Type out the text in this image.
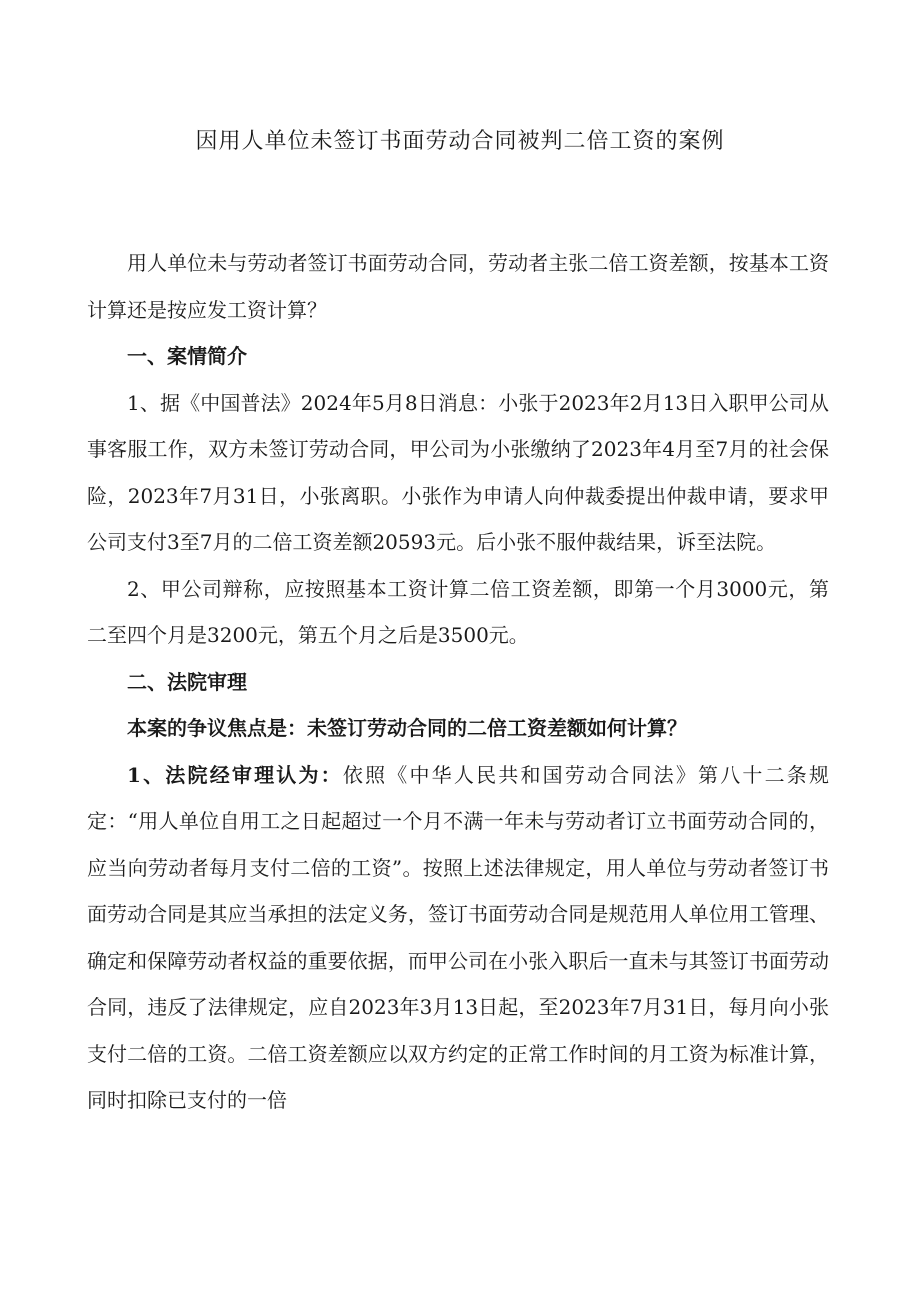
因用人单位未签订书面劳动合同被判二倍工资的案例

用人单位未与劳动者签订书面劳动合同，劳动者主张二倍工资差额，按基本工资计算还是按应发工资计算？

一、案情简介

1、据《中国普法》2024年5月8日消息：小张于2023年2月13日入职甲公司从事客服工作，双方未签订劳动合同，甲公司为小张缴纳了2023年4月至7月的社会保险，2023年7月31日，小张离职。小张作为申请人向仲裁委提出仲裁申请，要求甲公司支付3至7月的二倍工资差额20593元。后小张不服仲裁结果，诉至法院。

2、甲公司辩称，应按照基本工资计算二倍工资差额，即第一个月3000元，第二至四个月是3200元，第五个月之后是3500元。

二、法院审理

本案的争议焦点是：未签订劳动合同的二倍工资差额如何计算？

1、法院经审理认为：依照《中华人民共和国劳动合同法》第八十二条规定：“用人单位自用工之日起超过一个月不满一年未与劳动者订立书面劳动合同的，应当向劳动者每月支付二倍的工资”。按照上述法律规定，用人单位与劳动者签订书面劳动合同是其应当承担的法定义务，签订书面劳动合同是规范用人单位用工管理、确定和保障劳动者权益的重要依据，而甲公司在小张入职后一直未与其签订书面劳动合同，违反了法律规定，应自2023年3月13日起，至2023年7月31日，每月向小张支付二倍的工资。二倍工资差额应以双方约定的正常工作时间的月工资为标准计算，同时扣除已支付的一倍
